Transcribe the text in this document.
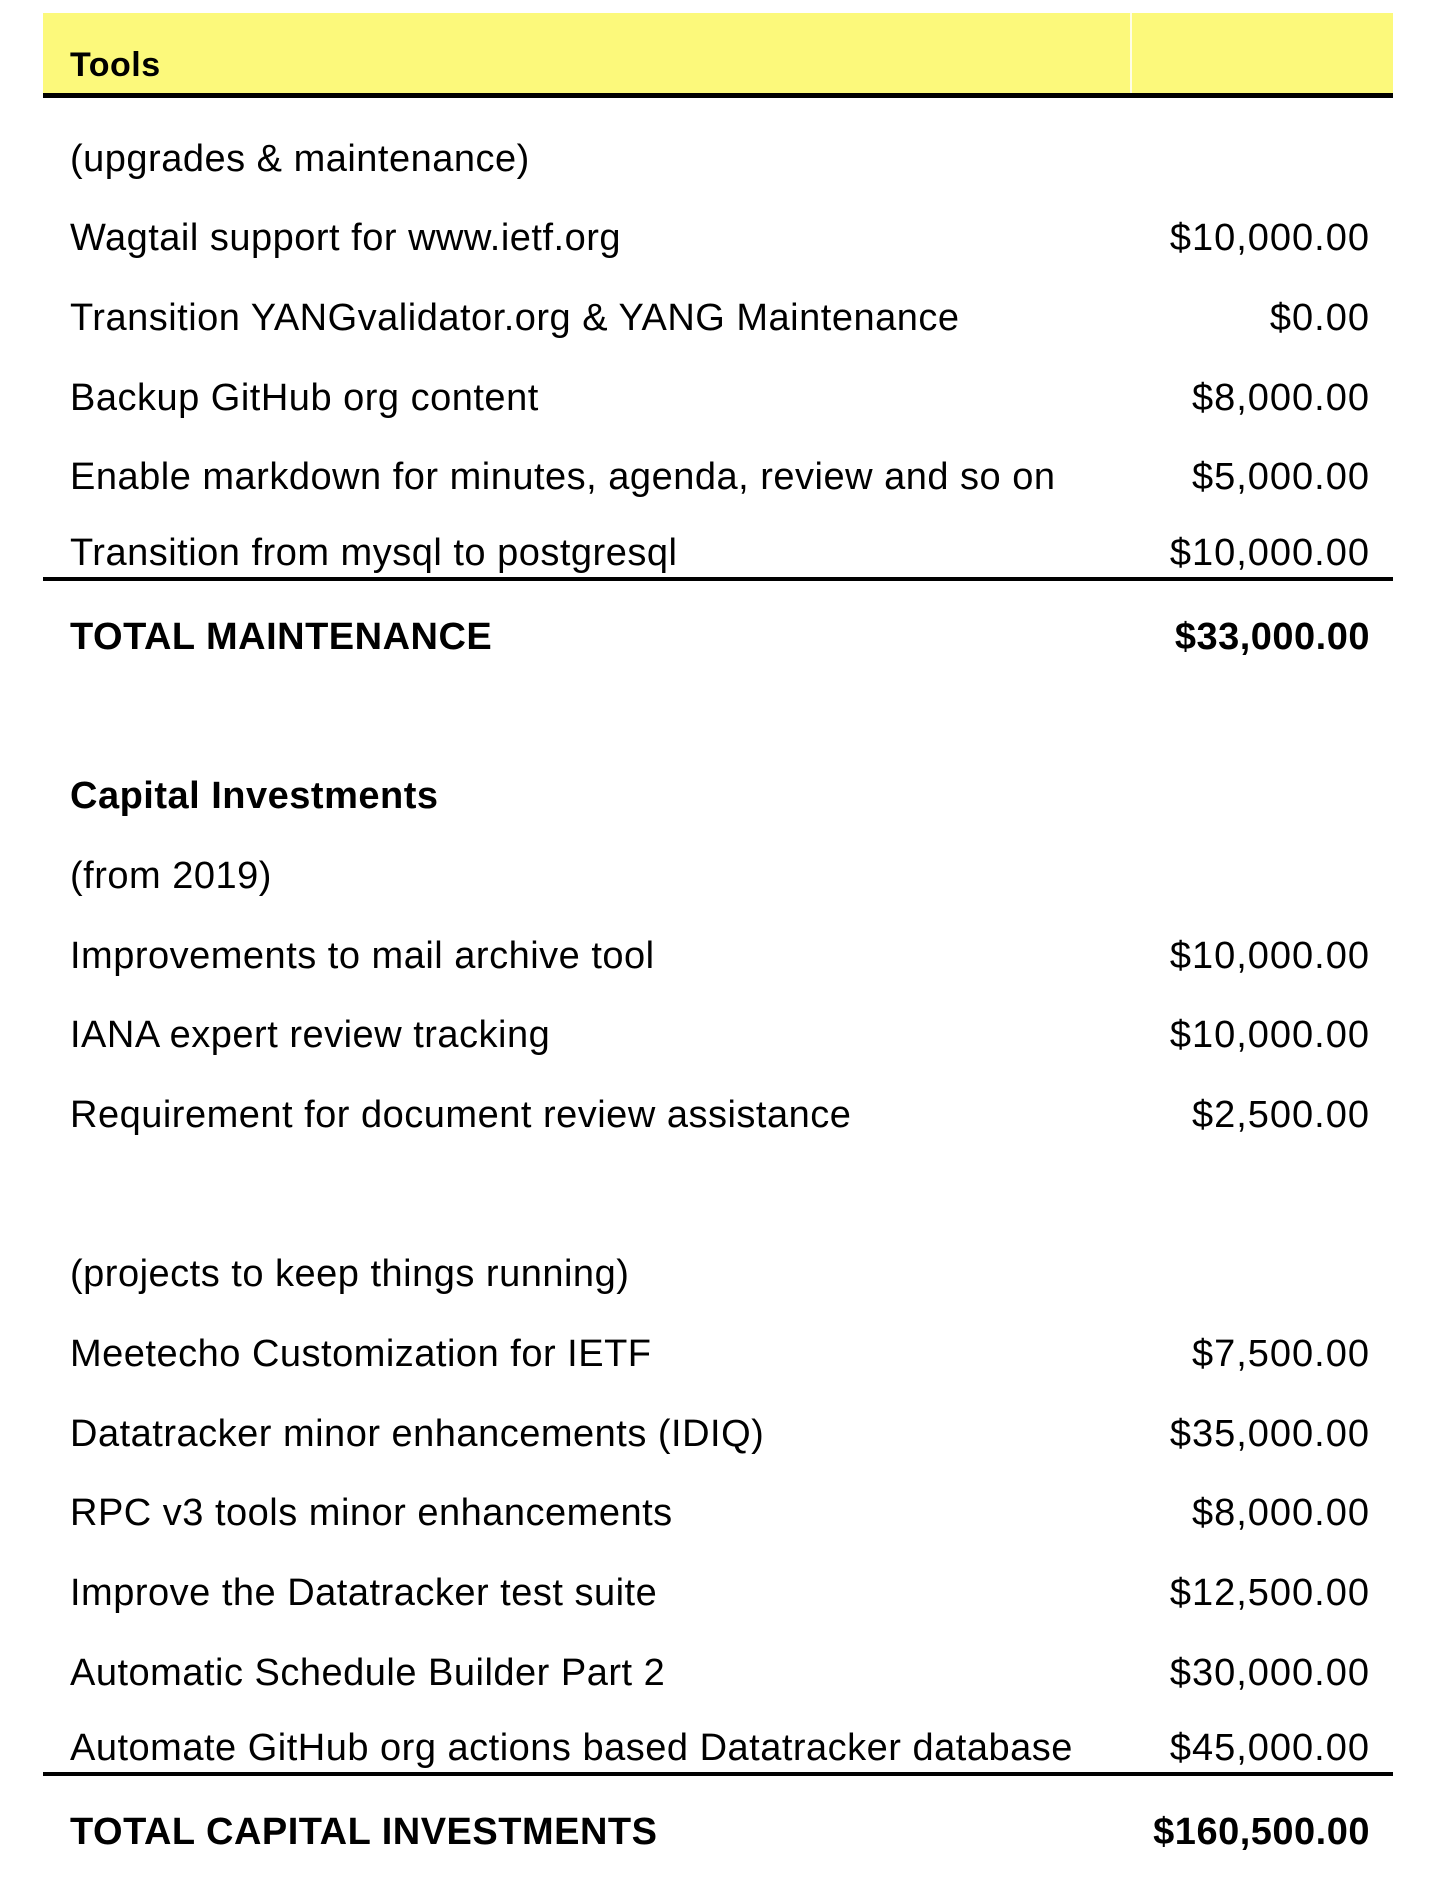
Tools
(upgrades & maintenance)
Wagtail support for www.ietf.org	$10,000.00
Transition YANGvalidator.org & YANG Maintenance	$0.00
Backup GitHub org content	$8,000.00
Enable markdown for minutes, agenda, review and so on	$5,000.00
Transition from mysql to postgresql	$10,000.00
TOTAL MAINTENANCE	$33,000.00
Capital Investments
(from 2019)
Improvements to mail archive tool	$10,000.00
IANA expert review tracking	$10,000.00
Requirement for document review assistance	$2,500.00
(projects to keep things running)
Meetecho Customization for IETF	$7,500.00
Datatracker minor enhancements (IDIQ)	$35,000.00
RPC v3 tools minor enhancements	$8,000.00
Improve the Datatracker test suite	$12,500.00
Automatic Schedule Builder Part 2	$30,000.00
Automate GitHub org actions based Datatracker database	$45,000.00
TOTAL CAPITAL INVESTMENTS	$160,500.00
